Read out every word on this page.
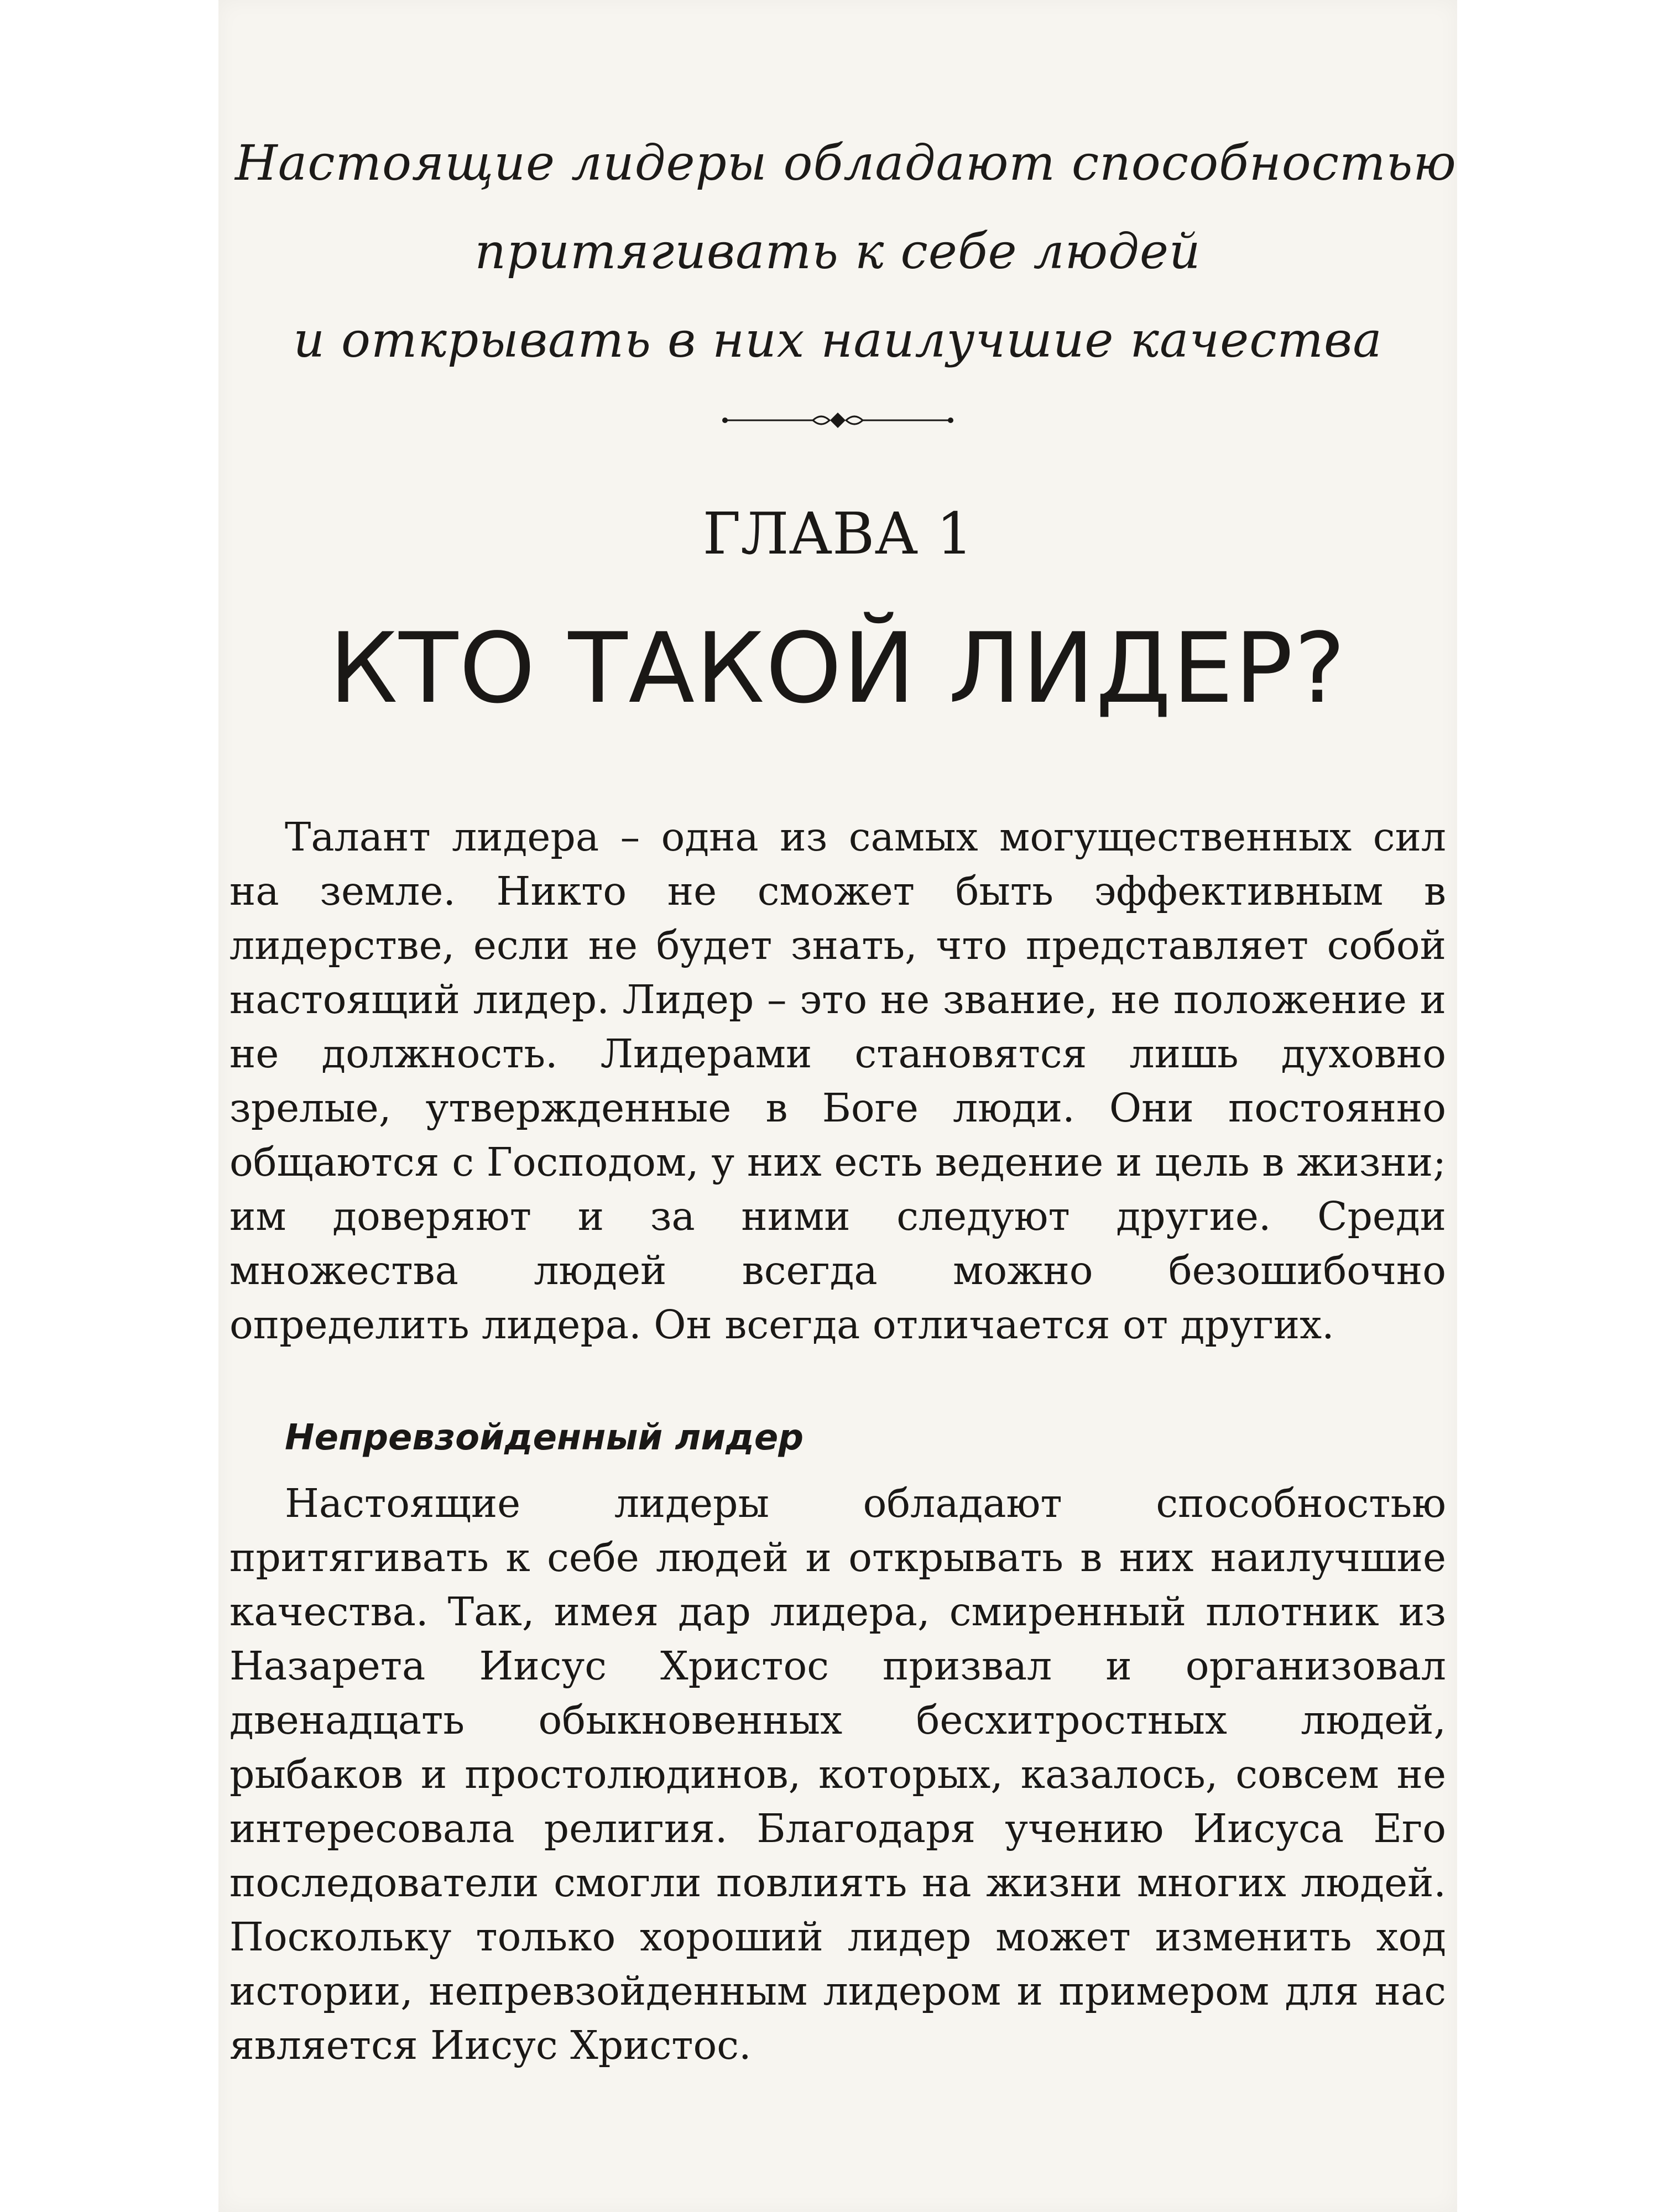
Настоящие лидеры обладают способностью
притягивать к себе людей
и открывать в них наилучшие качества
ГЛАВА 1
КТО ТАКОЙ ЛИДЕР?

Талант лидера – одна из самых могущественных сил на земле. Никто не сможет быть эффективным в лидерстве, если не будет знать, что представляет собой настоящий лидер. Лидер – это не звание, не положение и не должность. Лидерами становятся лишь духовно зрелые, утвержденные в Боге люди. Они постоянно общаются с Господом, у них есть ведение и цель в жизни; им доверяют и за ними следуют другие. Среди множества людей всегда можно безошибочно определить лидера. Он всегда отличается от других.

Непревзойденный лидер

Настоящие лидеры обладают способностью притягивать к себе людей и открывать в них наилучшие качества. Так, имея дар лидера, смиренный плотник из Назарета Иисус Христос призвал и организовал двенадцать обыкновенных бесхитростных людей, рыбаков и простолюдинов, которых, казалось, совсем не интересовала религия. Благодаря учению Иисуса Его последователи смогли повлиять на жизни многих людей. Поскольку только хороший лидер может изменить ход истории, непревзойденным лидером и примером для нас является Иисус Христос.
